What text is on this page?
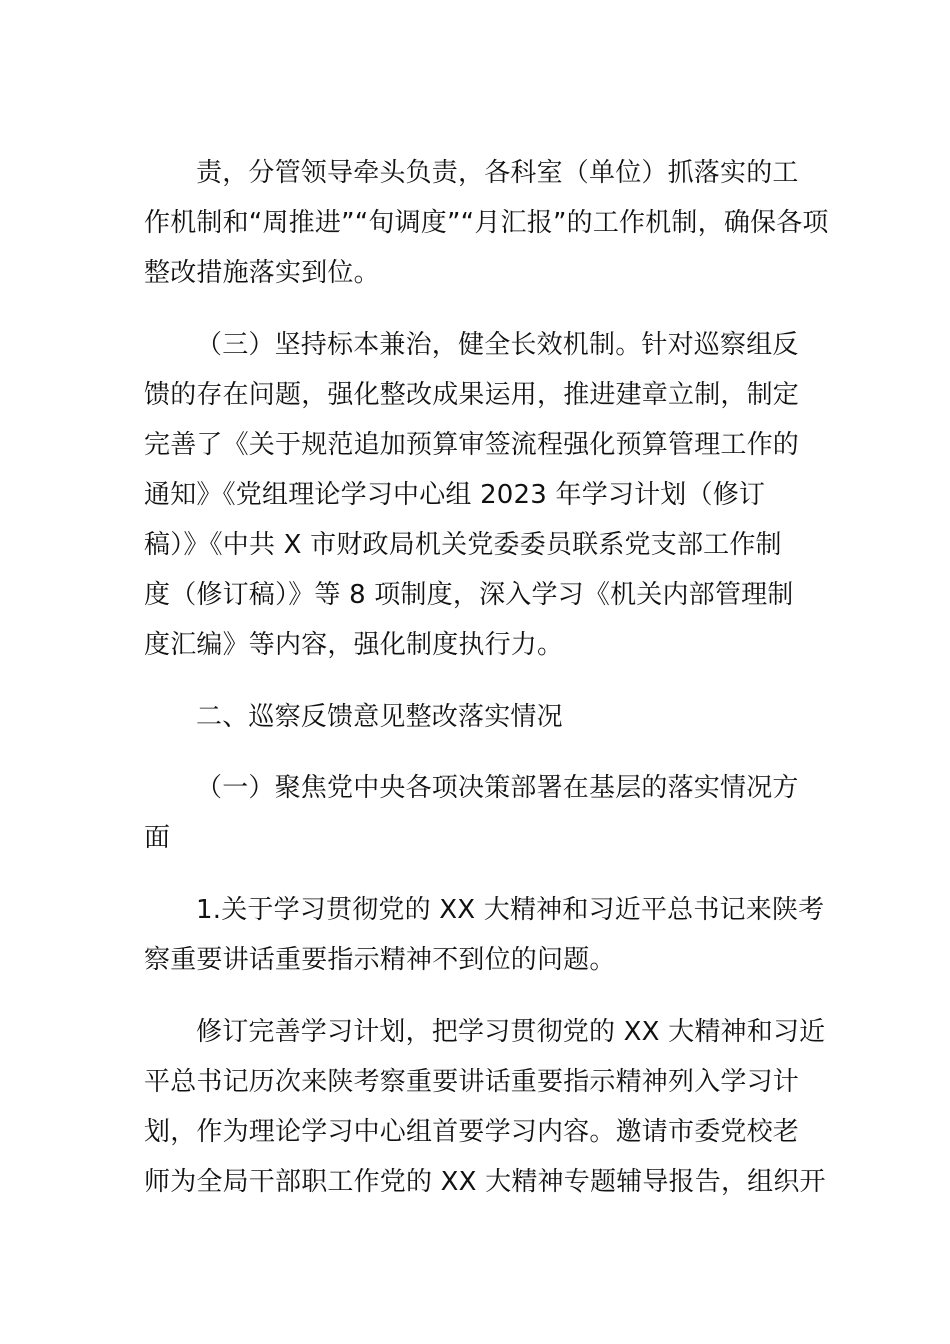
责，分管领导牵头负责，各科室（单位）抓落实的工
作机制和“周推进”“旬调度”“月汇报”的工作机制，确保各项
整改措施落实到位。
（三）坚持标本兼治，健全长效机制。针对巡察组反
馈的存在问题，强化整改成果运用，推进建章立制，制定
完善了《关于规范追加预算审签流程强化预算管理工作的
通知》《党组理论学习中心组 2023 年学习计划（修订
稿）》《中共 X 市财政局机关党委委员联系党支部工作制
度（修订稿）》等 8 项制度，深入学习《机关内部管理制
度汇编》等内容，强化制度执行力。
二、巡察反馈意见整改落实情况
（一）聚焦党中央各项决策部署在基层的落实情况方
面
1.关于学习贯彻党的 XX 大精神和习近平总书记来陕考
察重要讲话重要指示精神不到位的问题。
修订完善学习计划，把学习贯彻党的 XX 大精神和习近
平总书记历次来陕考察重要讲话重要指示精神列入学习计
划，作为理论学习中心组首要学习内容。邀请市委党校老
师为全局干部职工作党的 XX 大精神专题辅导报告，组织开
